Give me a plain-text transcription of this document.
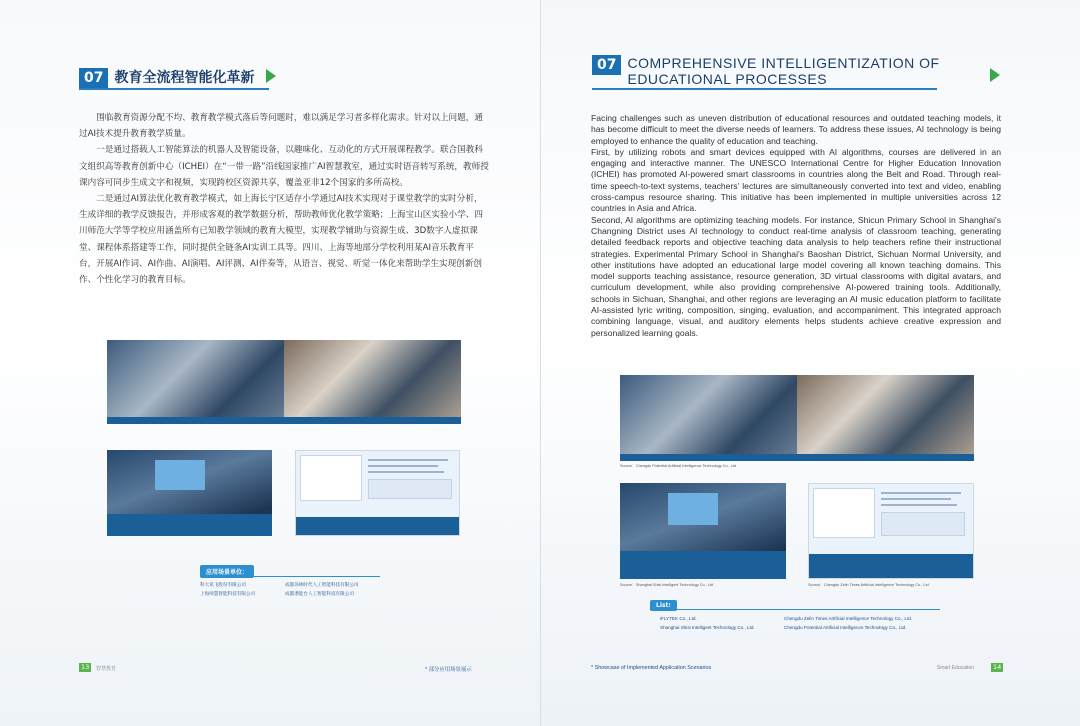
07 教育全流程智能化革新

围临教育资源分配不均、教育教学模式落后等问题时，难以满足学习者多样化需求。针对以上问题，通过AI技术提升教育教学质量。

一是通过搭载人工智能算法的机器人及智能设备，以趣味化、互动化的方式开展课程教学。联合国教科文组织高等教育创新中心（ICHEI）在“一带一路”沿线国家推广AI智慧教室，通过实时语音转写系统，教师授课内容可同步生成文字和视频，实现跨校区资源共享，覆盖亚非12个国家的多所高校。

二是通过AI算法优化教育教学模式，如上海长宁区适存小学通过AI技术实现对于课堂教学的实时分析，生成详细的教学反馈报告，并形成客观的教学数据分析，帮助教师优化教学策略；上海宝山区实验小学、四川师范大学等学校应用涵盖所有已知教学领域的教育大模型，实现教学辅助与资源生成、3D数字人虚拟课堂、课程体系搭建等工作，同时提供全链条AI实训工具等。四川、上海等地部分学校利用某AI音乐教育平台，开展AI作词、AI作曲、AI演唱、AI评测、AI伴奏等，从语言、视觉、听觉一体化来帮助学生实现创新创作、个性化学习的教育目标。

应用场景单位：
科大讯飞股份有限公司	成都泽林时代人工智能科技有限公司
上海师慧智能科技有限公司	成都潜能台人工智能科技有限公司
13	智慧教育	* 部分应用场景展示
07 COMPREHENSIVE INTELLIGENTIZATION OF
EDUCATIONAL PROCESSES

Facing challenges such as uneven distribution of educational resources and outdated teaching models, it has become difficult to meet the diverse needs of learners. To address these issues, AI technology is being employed to enhance the quality of education and teaching.

First, by utilizing robots and smart devices equipped with AI algorithms, courses are delivered in an engaging and interactive manner. The UNESCO International Centre for Higher Education Innovation (ICHEI) has promoted AI-powered smart classrooms in countries along the Belt and Road. Through real-time speech-to-text systems, teachers' lectures are simultaneously converted into text and video, enabling cross-campus resource sharing. This initiative has been implemented in multiple universities across 12 countries in Asia and Africa.

Second, AI algorithms are optimizing teaching models. For instance, Shicun Primary School in Shanghai's Changning District uses AI technology to conduct real-time analysis of classroom teaching, generating detailed feedback reports and objective teaching data analysis to help teachers refine their instructional strategies. Experimental Primary School in Shanghai's Baoshan District, Sichuan Normal University, and other institutions have adopted an educational large model covering all known teaching domains. This model supports teaching assistance, resource generation, 3D virtual classrooms with digital avatars, and curriculum development, while also providing comprehensive AI-powered training tools. Additionally, schools in Sichuan, Shanghai, and other regions are leveraging an AI music education platform to facilitate AI-assisted lyric writing, composition, singing, evaluation, and accompaniment. This integrated approach combining language, visual, and auditory elements helps students achieve creative expression and personalized learning goals.

Source：Chengdu Potential Artificial Intelligence Technology Co., Ltd

Source：Shanghai Shisi Intelligent Technology Co., Ltd
	Source：Chengdu Zelin Times Artificial Intelligence Technology Co., Ltd
List:
iFLYTEK Co., Ltd.	Chengdu Zelin Times Artificial Intelligence Technology Co., Ltd.
Shanghai Shisi Intelligent Technology Co., Ltd.	Chengdu Potential Artificial Intelligence Technology Co., Ltd.
* Showcase of Implemented Application Scenarios	Smart Education	14
